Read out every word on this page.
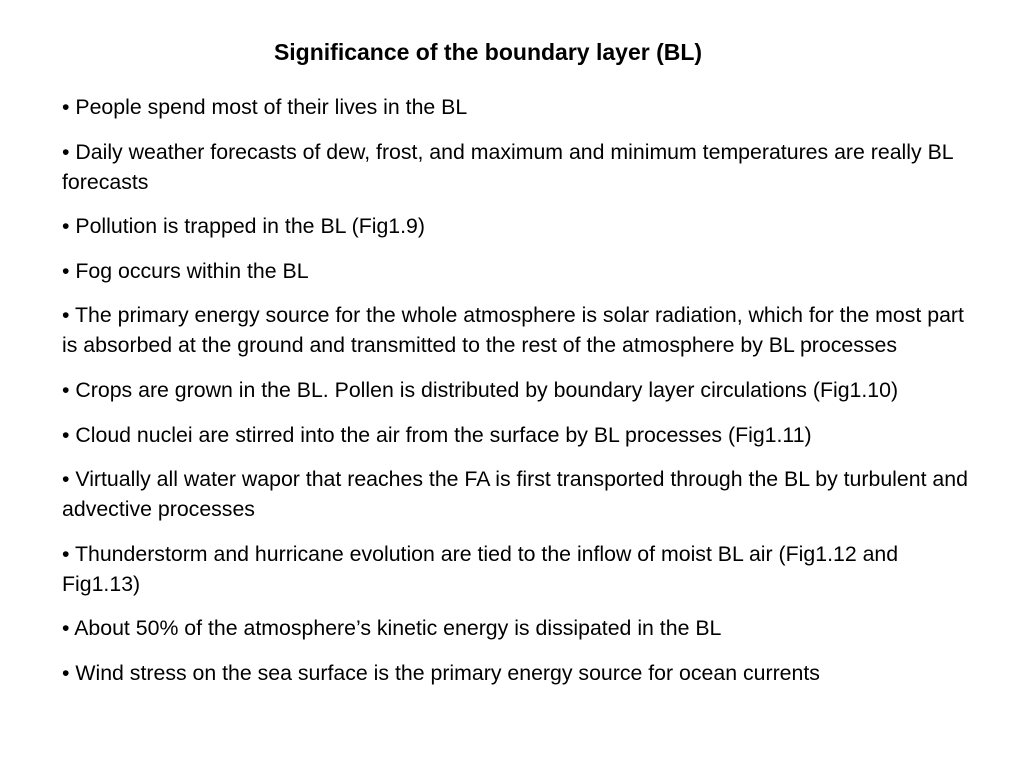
Significance of the boundary layer (BL)
• People spend most of their lives in the BL
• Daily weather forecasts of dew, frost, and maximum and minimum temperatures are really BL forecasts
• Pollution is trapped in the BL (Fig1.9)
• Fog occurs within the BL
• The primary energy source for the whole atmosphere is solar radiation, which for the most part is absorbed at the ground and transmitted to the rest of the atmosphere by BL processes
• Crops are grown in the BL. Pollen is distributed by boundary layer circulations (Fig1.10)
• Cloud nuclei are stirred into the air from the surface by BL processes (Fig1.11)
• Virtually all water wapor that reaches the FA is first transported through the BL by turbulent and advective processes
• Thunderstorm and hurricane evolution are tied to the inflow of moist BL air (Fig1.12 and Fig1.13)
• About 50% of the atmosphere’s kinetic energy is dissipated in the BL
• Wind stress on the sea surface is the primary energy source for ocean currents
